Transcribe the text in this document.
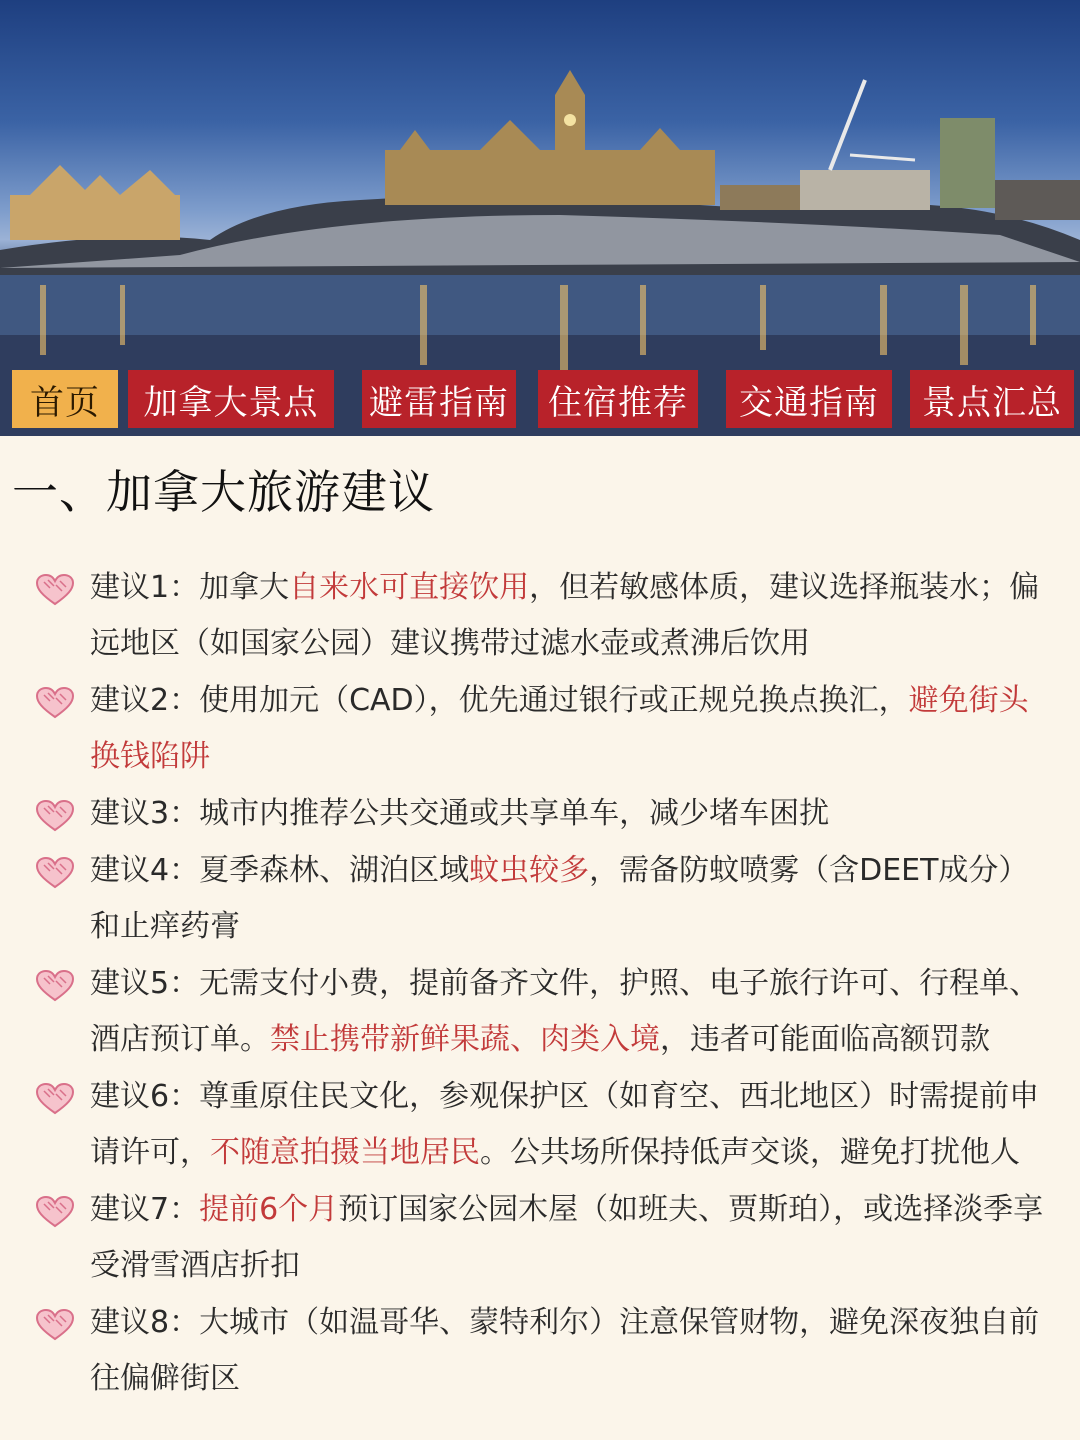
首页	加拿大景点	避雷指南 住宿推荐	交通指南	景点汇总
一、加拿大旅游建议

建议1：加拿大自来水可直接饮用，但若敏感体质，建议选择瓶装水；偏远地区（如国家公园）建议携带过滤水壶或煮沸后饮用

建议2：使用加元（CAD），优先通过银行或正规兑换点换汇，避免街头换钱陷阱

建议3：城市内推荐公共交通或共享单车，减少堵车困扰

建议4：夏季森林、湖泊区域蚊虫较多，需备防蚊喷雾（含DEET成分）和止痒药膏

建议5：无需支付小费，提前备齐文件，护照、电子旅行许可、行程单、酒店预订单。禁止携带新鲜果蔬、肉类入境，违者可能面临高额罚款

建议6：尊重原住民文化，参观保护区（如育空、西北地区）时需提前申请许可，不随意拍摄当地居民。公共场所保持低声交谈，避免打扰他人

建议7：提前6个月预订国家公园木屋（如班夫、贾斯珀），或选择淡季享受滑雪酒店折扣

建议8：大城市（如温哥华、蒙特利尔）注意保管财物，避免深夜独自前往偏僻街区
